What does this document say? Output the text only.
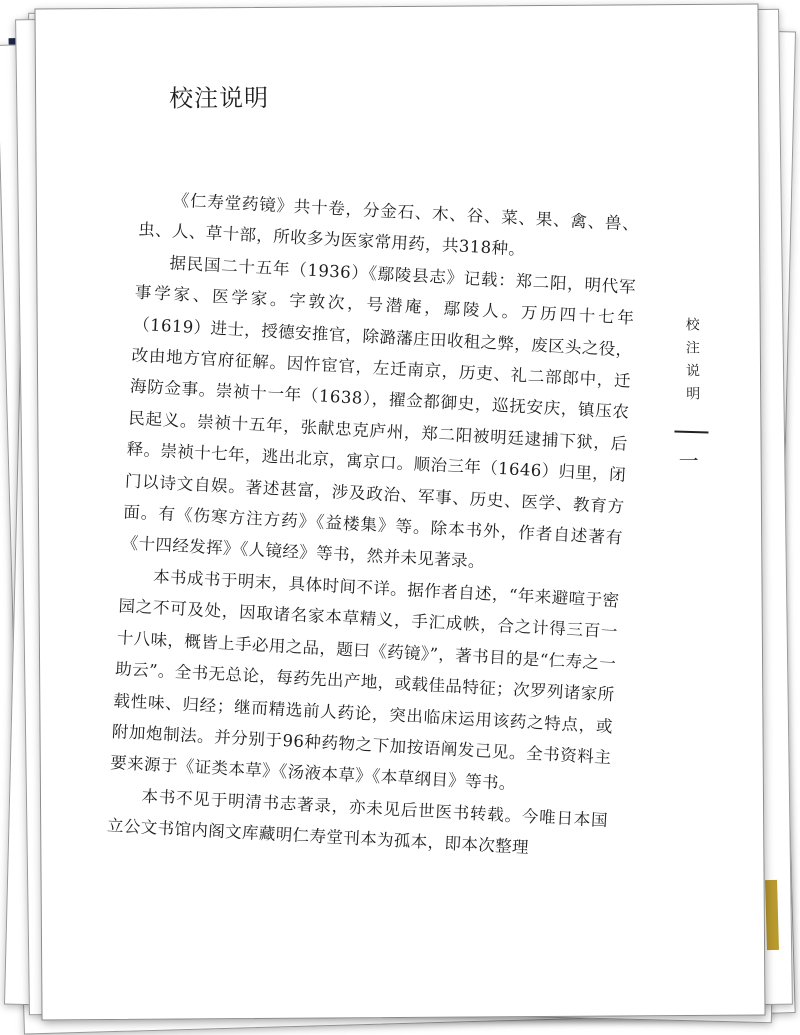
校注说明

《仁寿堂药镜》共十卷，分金石、木、谷、菜、果、禽、兽、虫、人、草十部，所收多为医家常用药，共318种。

据民国二十五年（1936）《鄢陵县志》记载：郑二阳，明代军事学家、医学家。字敦次，号潜庵，鄢陵人。万历四十七年（1619）进士，授德安推官，除潞藩庄田收租之弊，废区头之役，改由地方官府征解。因忤宦官，左迁南京，历吏、礼二部郎中，迁海防佥事。崇祯十一年（1638），擢佥都御史，巡抚安庆，镇压农民起义。崇祯十五年，张献忠克庐州，郑二阳被明廷逮捕下狱，后释。崇祯十七年，逃出北京，寓京口。顺治三年（1646）归里，闭门以诗文自娱。著述甚富，涉及政治、军事、历史、医学、教育方面。有《伤寒方注方药》《益楼集》等。除本书外，作者自述著有《十四经发挥》《人镜经》等书，然并未见著录。

本书成书于明末，具体时间不详。据作者自述，“年来避喧于密园之不可及处，因取诸名家本草精义，手汇成帙，合之计得三百一十八味，概皆上手必用之品，题曰《药镜》”，著书目的是“仁寿之一助云”。全书无总论，每药先出产地，或载佳品特征；次罗列诸家所载性味、归经；继而精选前人药论，突出临床运用该药之特点，或附加炮制法。并分别于96种药物之下加按语阐发己见。全书资料主要来源于《证类本草》《汤液本草》《本草纲目》等书。

本书不见于明清书志著录，亦未见后世医书转载。今唯日本国立公文书馆内阁文库藏明仁寿堂刊本为孤本，即本次整理

校注说明
一
